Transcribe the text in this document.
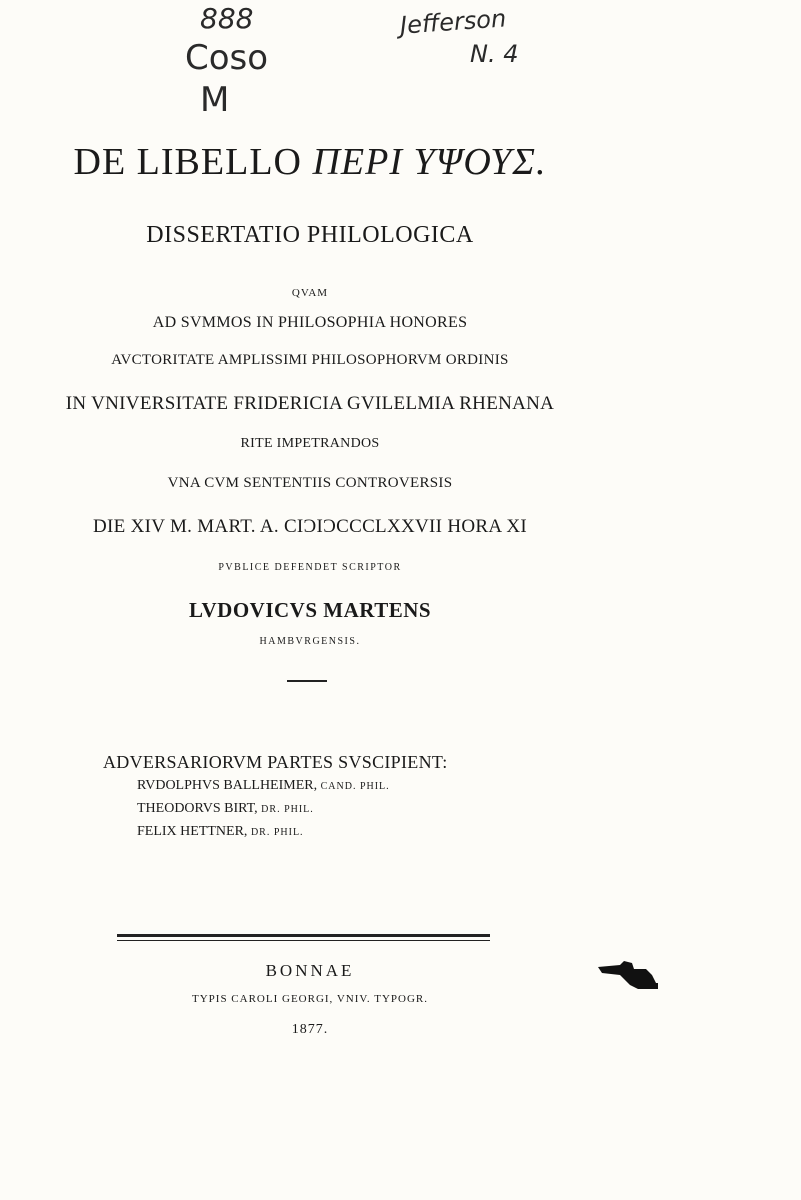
888
Coso
M
Jefferson
N. 4
DE LIBELLO ΠΕΡΙ ΥΨΟΥΣ.
DISSERTATIO PHILOLOGICA
QVAM
AD SVMMOS IN PHILOSOPHIA HONORES
AVCTORITATE AMPLISSIMI PHILOSOPHORVM ORDINIS
IN VNIVERSITATE FRIDERICIA GVILELMIA RHENANA
RITE IMPETRANDOS
VNA CVM SENTENTIIS CONTROVERSIS
DIE XIV M. MART. A. CIƆIƆCCCLXXVII HORA XI
PVBLICE DEFENDET SCRIPTOR
LVDOVICVS MARTENS
HAMBVRGENSIS.
ADVERSARIORVM PARTES SVSCIPIENT:
RVDOLPHVS BALLHEIMER, CAND. PHIL.
THEODORVS BIRT, DR. PHIL.
FELIX HETTNER, DR. PHIL.
BONNAE
TYPIS CAROLI GEORGI, VNIV. TYPOGR.
1877.
